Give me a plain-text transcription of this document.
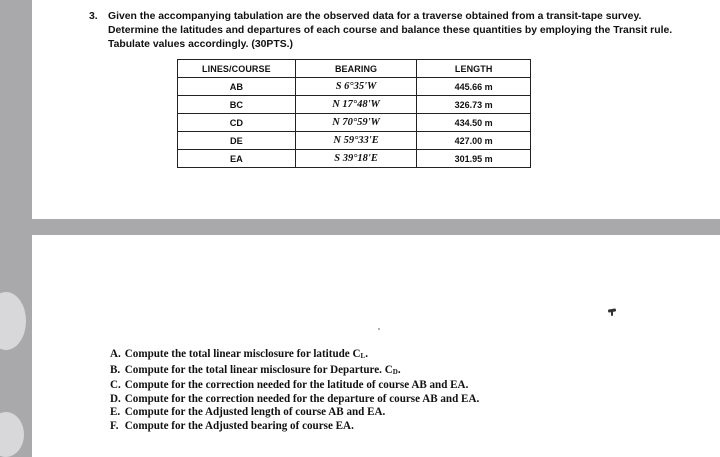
3. Given the accompanying tabulation are the observed data for a traverse obtained from a transit-tape survey. Determine the latitudes and departures of each course and balance these quantities by employing the Transit rule. Tabulate values accordingly. (30PTS.)
LINES/COURSE	BEARING	LENGTH
AB	S 6°35'W	445.66 m
BC	N 17°48'W	326.73 m
CD	N 70°59'W	434.50 m
DE	N 59°33'E	427.00 m
EA	S 39°18'E	301.95 m
A. Compute the total linear misclosure for latitude $C_L$.
B. Compute for the total linear misclosure for Departure. $C_D$.
C. Compute for the correction needed for the latitude of course AB and EA.
D. Compute for the correction needed for the departure of course AB and EA.
E. Compute for the Adjusted length of course AB and EA.
F. Compute for the Adjusted bearing of course EA.
